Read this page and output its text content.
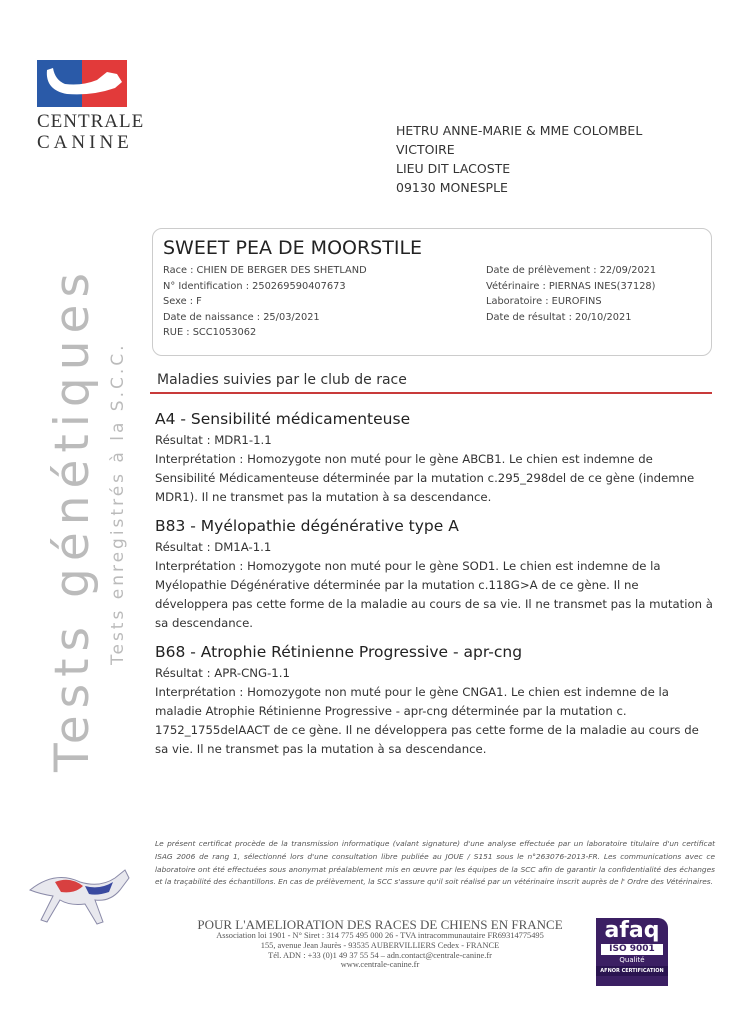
CENTRALE
CANINE
HETRU ANNE-MARIE & MME COLOMBEL
VICTOIRE
LIEU DIT LACOSTE
09130 MONESPLE
Tests génétiques Tests enregistrés à la S.C.C.
SWEET PEA DE MOORSTILE
Race : CHIEN DE BERGER DES SHETLAND
N° Identification : 250269590407673
Sexe : F
Date de naissance : 25/03/2021
RUE : SCC1053062
Date de prélèvement : 22/09/2021
Vétérinaire : PIERNAS INES(37128)
Laboratoire : EUROFINS
Date de résultat : 20/10/2021
Maladies suivies par le club de race
A4 - Sensibilité médicamenteuse

Résultat : MDR1-1.1

Interprétation : Homozygote non muté pour le gène ABCB1. Le chien est indemne de Sensibilité Médicamenteuse déterminée par la mutation c.295_298del de ce gène (indemne MDR1). Il ne transmet pas la mutation à sa descendance.

B83 - Myélopathie dégénérative type A

Résultat : DM1A-1.1

Interprétation : Homozygote non muté pour le gène SOD1. Le chien est indemne de la Myélopathie Dégénérative déterminée par la mutation c.118G>A de ce gène. Il ne développera pas cette forme de la maladie au cours de sa vie. Il ne transmet pas la mutation à sa descendance.

B68 - Atrophie Rétinienne Progressive - apr-cng

Résultat : APR-CNG-1.1

Interprétation : Homozygote non muté pour le gène CNGA1. Le chien est indemne de la maladie Atrophie Rétinienne Progressive - apr-cng déterminée par la mutation c. 1752_1755delAACT de ce gène. Il ne développera pas cette forme de la maladie au cours de sa vie. Il ne transmet pas la mutation à sa descendance.

Le présent certificat procède de la transmission informatique (valant signature) d'une analyse effectuée par un laboratoire titulaire d'un certificat ISAG 2006 de rang 1, sélectionné lors d'une consultation libre publiée au JOUE / S151 sous le n°263076-2013-FR. Les communications avec ce laboratoire ont été effectuées sous anonymat préalablement mis en œuvre par les équipes de la SCC afin de garantir la confidentialité des échanges et la traçabilité des échantillons. En cas de prélèvement, la SCC s'assure qu'il soit réalisé par un vétérinaire inscrit auprès de l' Ordre des Vétérinaires.
POUR L'AMELIORATION DES RACES DE CHIENS EN FRANCE
Association loi 1901 - N° Siret : 314 775 495 000 26 - TVA intracommunautaire FR69314775495
155, avenue Jean Jaurès - 93535 AUBERVILLIERS Cedex - FRANCE
Tél. ADN : +33 (0)1 49 37 55 54 – adn.contact@centrale-canine.fr
www.centrale-canine.fr
afaq
ISO 9001
Qualité
AFNOR CERTIFICATION
